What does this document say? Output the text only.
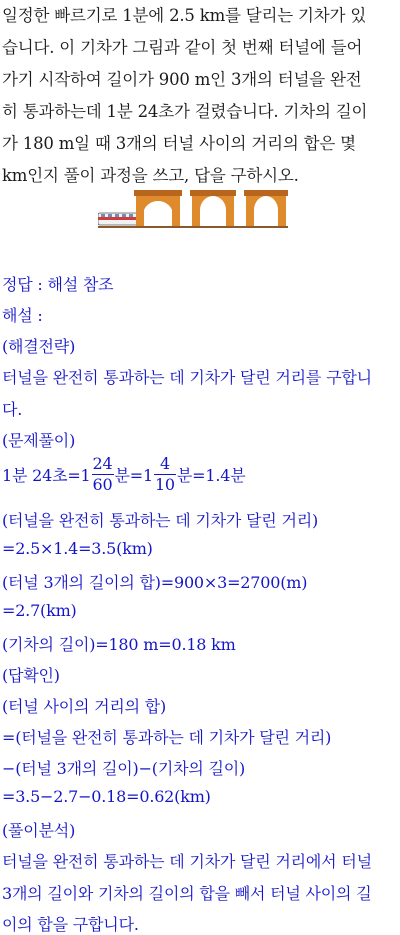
일정한 빠르기로 1분에 2.5 km를 달리는 기차가 있
습니다. 이 기차가 그림과 같이 첫 번째 터널에 들어
가기 시작하여 길이가 900 m인 3개의 터널을 완전
히 통과하는데 1분 24초가 걸렸습니다. 기차의 길이
가 180 m일 때 3개의 터널 사이의 거리의 합은 몇
km인지 풀이 과정을 쓰고, 답을 구하시오.
정답 : 해설 참조
해설 :
(해결전략)
터널을 완전히 통과하는 데 기차가 달린 거리를 구합니
다.
(문제풀이)
1분 24초$=1 \frac{24}{60}$ 분$=1 \frac{4}{10}$ 분=1.4분
(터널을 완전히 통과하는 데 기차가 달린 거리)
=2.5×1.4=3.5(km)
(터널 3개의 길이의 합)=900×3=2700(m)
=2.7(km)
(기차의 길이)=180 m=0.18 km
(답확인)
(터널 사이의 거리의 합)
=(터널을 완전히 통과하는 데 기차가 달린 거리)
−(터널 3개의 길이)−(기차의 길이)
=3.5−2.7−0.18=0.62(km)
(풀이분석)
터널을 완전히 통과하는 데 기차가 달린 거리에서 터널
3개의 길이와 기차의 길이의 합을 빼서 터널 사이의 길
이의 합을 구합니다.
